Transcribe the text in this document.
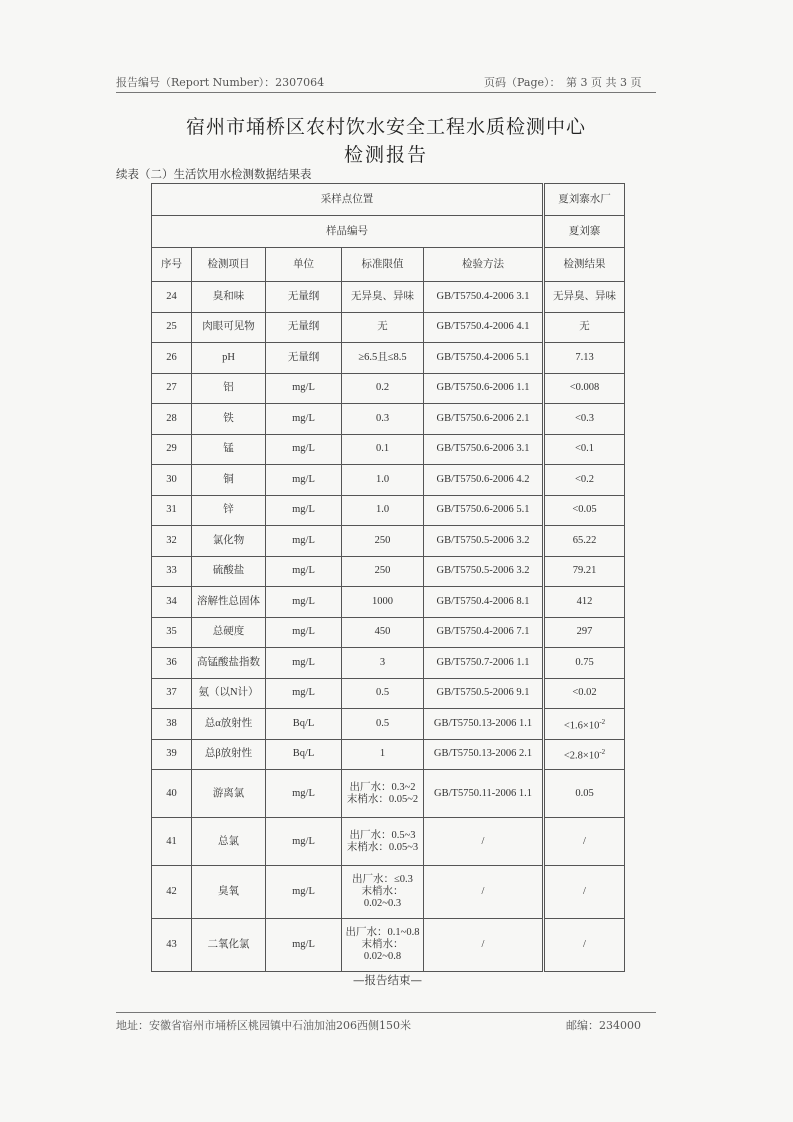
报告编号（Report Number）：2307064	页码（Page）：　第 3 页 共 3 页
宿州市埇桥区农村饮水安全工程水质检测中心
检测报告
续表（二）生活饮用水检测数据结果表
采样点位置					夏刘寨水厂
样品编号					夏刘寨
序号	检测项目	单位	标准限值	检验方法	检测结果
24	臭和味	无量纲	无异臭、异味	GB/T5750.4-2006 3.1	无异臭、异味
25	肉眼可见物	无量纲	无	GB/T5750.4-2006 4.1	无
26	pH	无量纲	≥6.5且≤8.5	GB/T5750.4-2006 5.1	7.13
27	铝	mg/L	0.2	GB/T5750.6-2006 1.1	<0.008
28	铁	mg/L	0.3	GB/T5750.6-2006 2.1	<0.3
29	锰	mg/L	0.1	GB/T5750.6-2006 3.1	<0.1
30	铜	mg/L	1.0	GB/T5750.6-2006 4.2	<0.2
31	锌	mg/L	1.0	GB/T5750.6-2006 5.1	<0.05
32	氯化物	mg/L	250	GB/T5750.5-2006 3.2	65.22
33	硫酸盐	mg/L	250	GB/T5750.5-2006 3.2	79.21
34	溶解性总固体	mg/L	1000	GB/T5750.4-2006 8.1	412
35	总硬度	mg/L	450	GB/T5750.4-2006 7.1	297
36	高锰酸盐指数	mg/L	3	GB/T5750.7-2006 1.1	0.75
37	氨（以N计）	mg/L	0.5	GB/T5750.5-2006 9.1	<0.02
38	总α放射性	Bq/L	0.5	GB/T5750.13-2006 1.1	$<1.6\times 10^{-2}$
39	总β放射性	Bq/L	1	GB/T5750.13-2006 2.1	$<2.8\times 10^{-2}$
40	游离氯	mg/L	出厂水：0.3~2
末梢水：0.05~2	GB/T5750.11-2006 1.1	0.05
41	总氯	mg/L	出厂水：0.5~3
末梢水：0.05~3	/	/
42	臭氧	mg/L	出厂水：≤0.3
末梢水：
0.02~0.3	/	/
43	二氧化氯	mg/L	出厂水：0.1~0.8
末梢水：
0.02~0.8	/	/
—报告结束—
地址：安徽省宿州市埇桥区桃园镇中石油加油206西侧150米	邮编：234000
